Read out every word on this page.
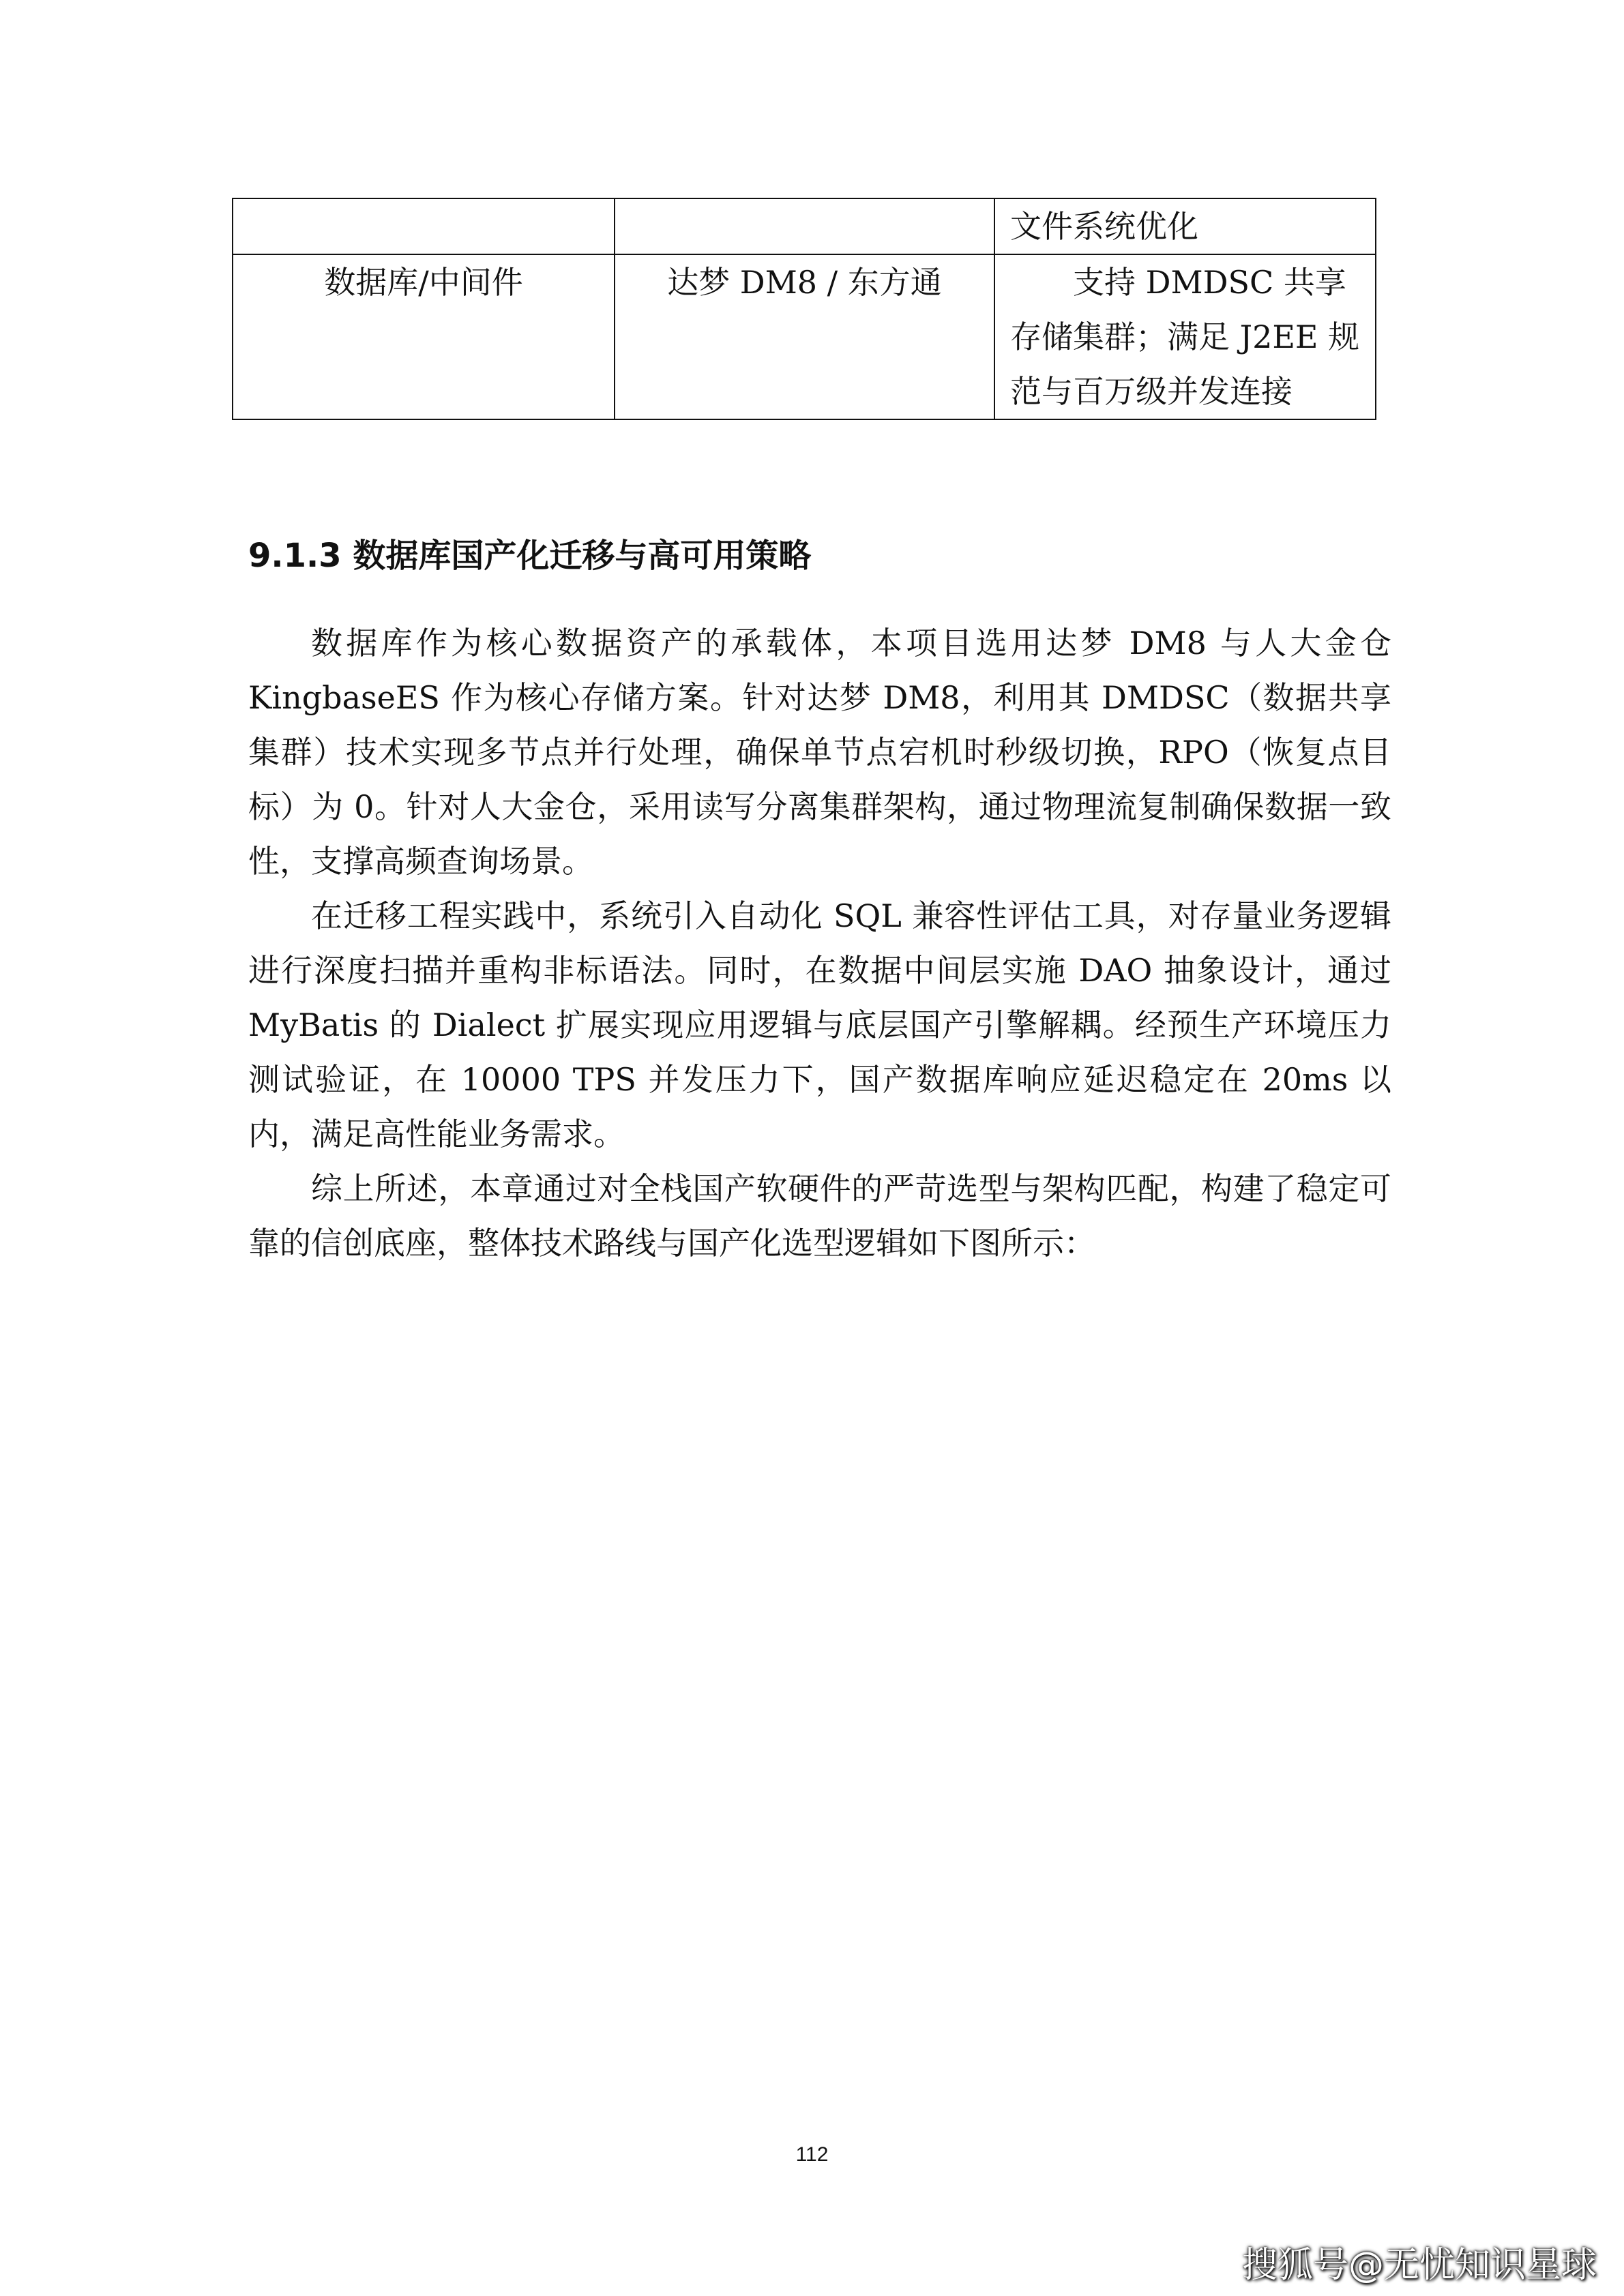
		文件系统优化
数据库/中间件	达梦 DM8 / 东方通	支持 DMDSC 共享存储集群；满足 J2EE 规范与百万级并发连接
9.1.3 数据库国产化迁移与高可用策略

数据库作为核心数据资产的承载体，本项目选用达梦 DM8 与人大金仓 KingbaseES 作为核心存储方案。针对达梦 DM8，利用其 DMDSC（数据共享集群）技术实现多节点并行处理，确保单节点宕机时秒级切换，RPO（恢复点目标）为 0。针对人大金仓，采用读写分离集群架构，通过物理流复制确保数据一致性，支撑高频查询场景。

在迁移工程实践中，系统引入自动化 SQL 兼容性评估工具，对存量业务逻辑进行深度扫描并重构非标语法。同时，在数据中间层实施 DAO 抽象设计，通过 MyBatis 的 Dialect 扩展实现应用逻辑与底层国产引擎解耦。经预生产环境压力测试验证，在 10000 TPS 并发压力下，国产数据库响应延迟稳定在 20ms 以内，满足高性能业务需求。

综上所述，本章通过对全栈国产软硬件的严苛选型与架构匹配，构建了稳定可靠的信创底座，整体技术路线与国产化选型逻辑如下图所示：

112
搜狐号@无忧知识星球
